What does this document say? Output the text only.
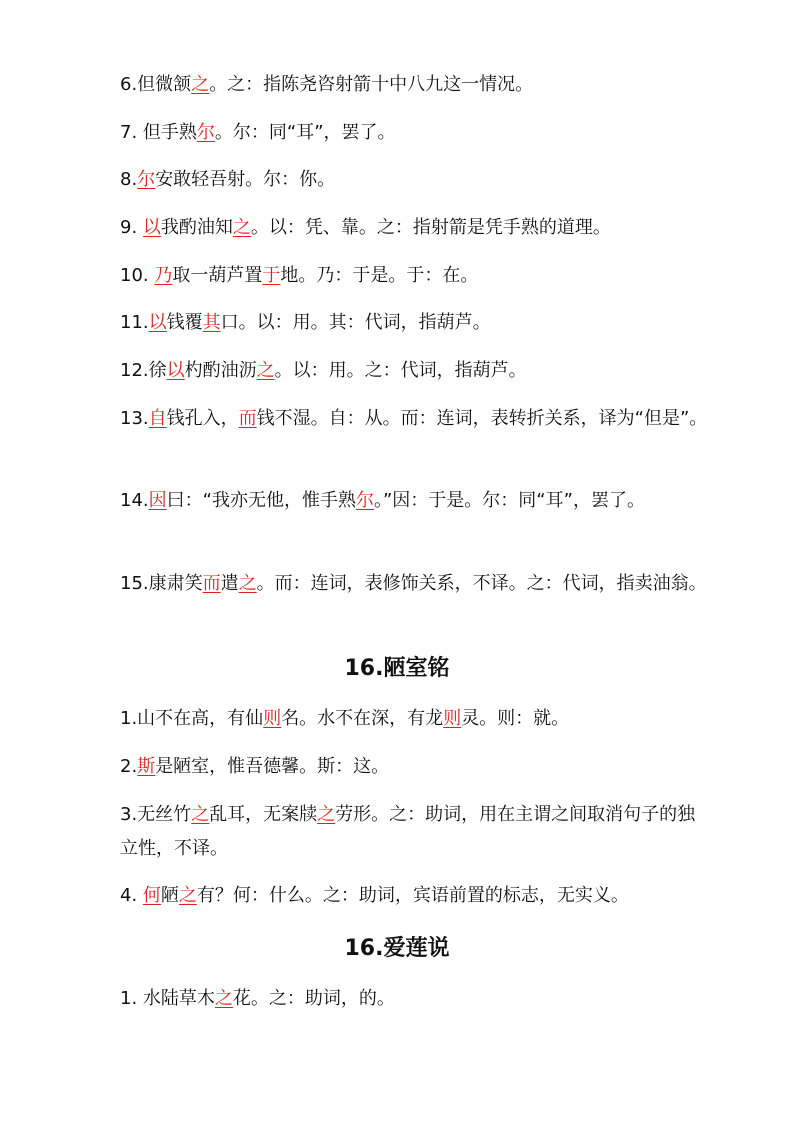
6.但微颔之。之：指陈尧咨射箭十中八九这一情况。
7. 但手熟尔。尔：同“耳”，罢了。
8.尔安敢轻吾射。尔：你。
9. 以我酌油知之。以：凭、靠。之：指射箭是凭手熟的道理。
10. 乃取一葫芦置于地。乃：于是。于：在。
11.以钱覆其口。以：用。其：代词，指葫芦。
12.徐以杓酌油沥之。以：用。之：代词，指葫芦。
13.自钱孔入，而钱不湿。自：从。而：连词，表转折关系，译为“但是”。
14.因曰：“我亦无他，惟手熟尔。”因：于是。尔：同“耳”，罢了。
15.康肃笑而遣之。而：连词，表修饰关系，不译。之：代词，指卖油翁。
16.陋室铭
1.山不在高，有仙则名。水不在深，有龙则灵。则：就。
2.斯是陋室，惟吾德馨。斯：这。
3.无丝竹之乱耳，无案牍之劳形。之：助词，用在主谓之间取消句子的独立性，不译。
4. 何陋之有？何：什么。之：助词，宾语前置的标志，无实义。
16.爱莲说
1. 水陆草木之花。之：助词，的。
